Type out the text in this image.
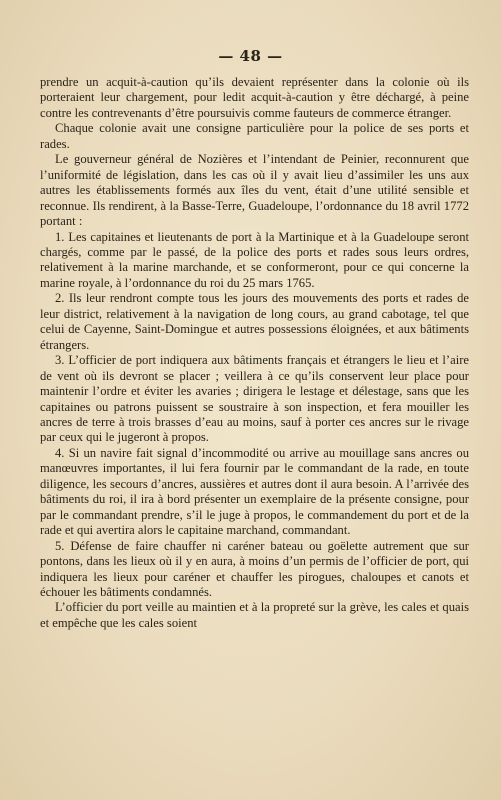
— 48 —

prendre un acquit-à-caution qu’ils devaient représenter dans la colonie où ils porteraient leur chargement, pour ledit acquit-à-caution y être déchargé, à peine contre les contrevenants d’être poursuivis comme fauteurs de commerce étranger.

Chaque colonie avait une consigne particulière pour la police de ses ports et rades.

Le gouverneur général de Nozières et l’intendant de Peinier, reconnurent que l’uniformité de législation, dans les cas où il y avait lieu d’assimiler les uns aux autres les établissements formés aux îles du vent, était d’une utilité sensible et reconnue. Ils rendirent, à la Basse-Terre, Guadeloupe, l’ordonnance du 18 avril 1772 portant :

1. Les capitaines et lieutenants de port à la Martinique et à la Guadeloupe seront chargés, comme par le passé, de la police des ports et rades sous leurs ordres, relativement à la marine marchande, et se conformeront, pour ce qui concerne la marine royale, à l’ordonnance du roi du 25 mars 1765.

2. Ils leur rendront compte tous les jours des mouvements des ports et rades de leur district, relativement à la navigation de long cours, au grand cabotage, tel que celui de Cayenne, Saint-Domingue et autres possessions éloignées, et aux bâtiments étrangers.

3. L’officier de port indiquera aux bâtiments français et étrangers le lieu et l’aire de vent où ils devront se placer ; veillera à ce qu’ils conservent leur place pour maintenir l’ordre et éviter les avaries ; dirigera le lestage et délestage, sans que les capitaines ou patrons puissent se soustraire à son inspection, et fera mouiller les ancres de terre à trois brasses d’eau au moins, sauf à porter ces ancres sur le rivage par ceux qui le jugeront à propos.

4. Si un navire fait signal d’incommodité ou arrive au mouillage sans ancres ou manœuvres importantes, il lui fera fournir par le commandant de la rade, en toute diligence, les secours d’ancres, aussières et autres dont il aura besoin. A l’arrivée des bâtiments du roi, il ira à bord présenter un exemplaire de la présente consigne, pour par le commandant prendre, s’il le juge à propos, le commandement du port et de la rade et qui avertira alors le capitaine marchand, commandant.

5. Défense de faire chauffer ni caréner bateau ou goëlette autrement que sur pontons, dans les lieux où il y en aura, à moins d’un permis de l’officier de port, qui indiquera les lieux pour caréner et chauffer les pirogues, chaloupes et canots et échouer les bâtiments condamnés.

L’officier du port veille au maintien et à la propreté sur la grève, les cales et quais et empêche que les cales soient
